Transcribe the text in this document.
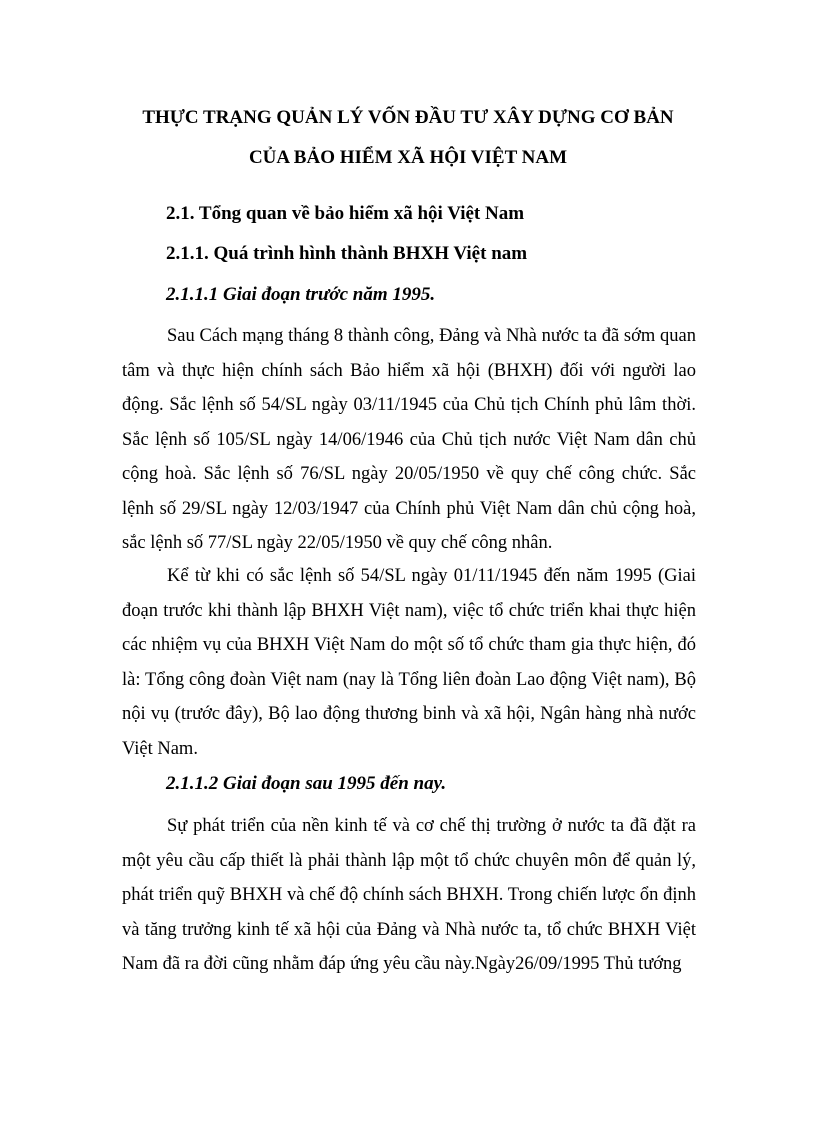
THỰC TRẠNG QUẢN LÝ VỐN ĐẦU TƯ XÂY DỰNG CƠ BẢN
CỦA BẢO HIỂM XÃ HỘI VIỆT NAM
2.1. Tổng quan về bảo hiểm xã hội Việt Nam
2.1.1. Quá trình hình thành BHXH Việt nam
2.1.1.1 Giai đoạn trước năm 1995.

Sau Cách mạng tháng 8 thành công, Đảng và Nhà nước ta đã sớm quan tâm và thực hiện chính sách Bảo hiểm xã hội (BHXH) đối với người lao động. Sắc lệnh số 54/SL ngày 03/11/1945 của Chủ tịch Chính phủ lâm thời. Sắc lệnh số 105/SL ngày 14/06/1946 của Chủ tịch nước Việt Nam dân chủ cộng hoà. Sắc lệnh số 76/SL ngày 20/05/1950 về quy chế công chức. Sắc lệnh số 29/SL ngày 12/03/1947 của Chính phủ Việt Nam dân chủ cộng hoà, sắc lệnh số 77/SL ngày 22/05/1950 về quy chế công nhân.

Kể từ khi có sắc lệnh số 54/SL ngày 01/11/1945 đến năm 1995 (Giai đoạn trước khi thành lập BHXH Việt nam), việc tổ chức triển khai thực hiện các nhiệm vụ của BHXH Việt Nam do một số tổ chức tham gia thực hiện, đó là: Tổng công đoàn Việt nam (nay là Tổng liên đoàn Lao động Việt nam), Bộ nội vụ (trước đây), Bộ lao động thương binh và xã hội, Ngân hàng nhà nước Việt Nam.

2.1.1.2 Giai đoạn sau 1995 đến nay.

Sự phát triển của nền kinh tế và cơ chế thị trường ở nước ta đã đặt ra một yêu cầu cấp thiết là phải thành lập một tổ chức chuyên môn để quản lý, phát triển quỹ BHXH và chế độ chính sách BHXH. Trong chiến lược ổn định và tăng trưởng kinh tế xã hội của Đảng và Nhà nước ta, tổ chức BHXH Việt Nam đã ra đời cũng nhằm đáp ứng yêu cầu này.Ngày26/09/1995 Thủ tướng
